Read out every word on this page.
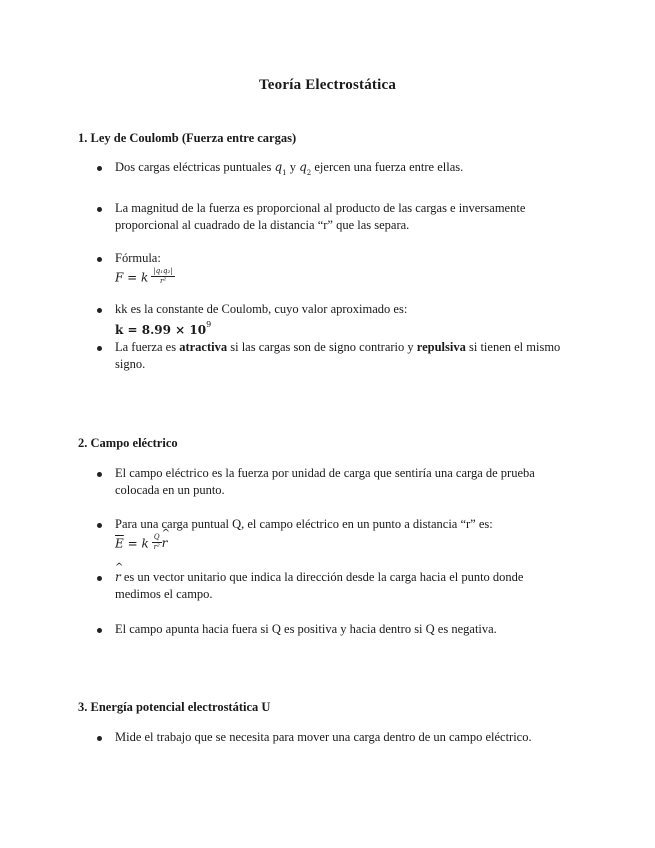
Teoría Electrostática
1. Ley de Coulomb (Fuerza entre cargas)
Dos cargas eléctricas puntuales $q_1$ y $q_2$ ejercen una fuerza entre ellas.
La magnitud de la fuerza es proporcional al producto de las cargas e inversamente
proporcional al cuadrado de la distancia “r” que las separa.
Fórmula:
F = k $\frac{\text{|q₁q₂|}}{\text{r²}}$
kk es la constante de Coulomb, cuyo valor aproximado es:
$k = 8.99 \times 10^9$
La fuerza es atractiva si las cargas son de signo contrario y repulsiva si tienen el mismo
signo.
2. Campo eléctrico
El campo eléctrico es la fuerza por unidad de carga que sentiría una carga de prueba
colocada en un punto.
Para una carga puntual Q, el campo eléctrico en un punto a distancia “r” es:
$\overline{E} = k \frac{Q}{\text{r²}}$ ^
r
^
r es un vector unitario que indica la dirección desde la carga hacia el punto donde
medimos el campo.
El campo apunta hacia fuera si Q es positiva y hacia dentro si Q es negativa.
3. Energía potencial electrostática U
Mide el trabajo que se necesita para mover una carga dentro de un campo eléctrico.
